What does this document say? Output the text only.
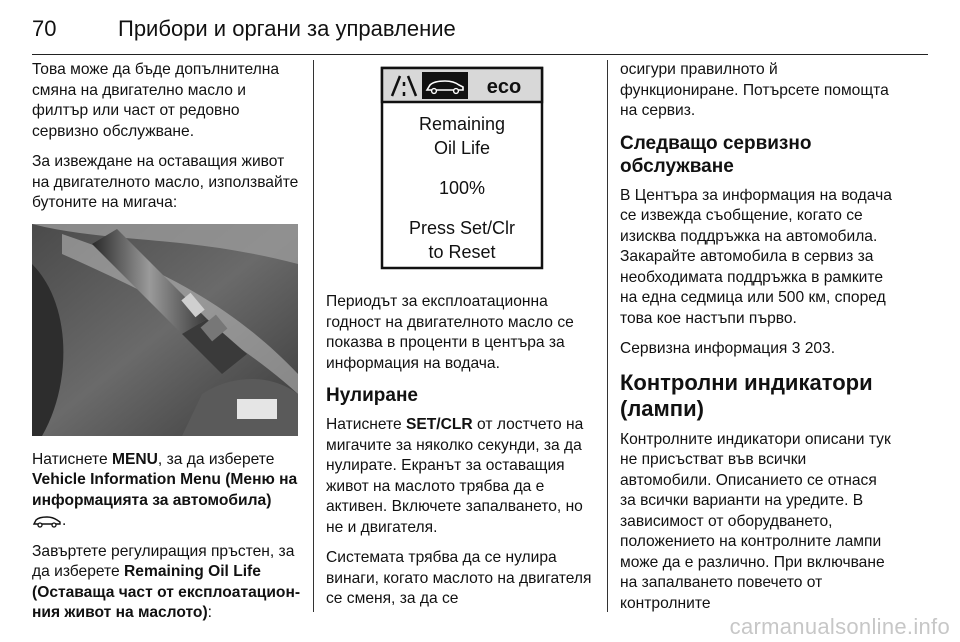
70	Прибори и органи за управление

Това може да бъде допълнителна смяна на двигателно масло и филтър или част от редовно сервизно обслужване.

За извеждане на оставащия живот на двигателното масло, използвайте бутоните на мигача:

Натиснете MENU, за да изберете Vehicle Information Menu (Меню на информацията за автомобила)
.

Завъртете регулиращия пръстен, за да изберете Remaining Oil Life (Оставаща част от експлоатационния живот на маслото):

eco
Remaining
Oil Life
100%
Press Set/Clr
to Reset

Периодът за експлоатационна годност на двигателното масло се показва в проценти в центъра за информация на водача.

Нулиране

Натиснете SET/CLR от лостчето на мигачите за няколко секунди, за да нулирате. Екранът за оставащия живот на маслото трябва да е активен. Включете запалването, но не и двигателя.

Системата трябва да се нулира винаги, когато маслото на двигателя се сменя, за да се

осигури правилното й функциониране. Потърсете помощта на сервиз.

Следващо сервизно обслужване

В Центъра за информация на водача се извежда съобщение, когато се изисква поддръжка на автомобила. Закарайте автомобила в сервиз за необходимата поддръжка в рамките на една седмица или 500 км, според това кое настъпи първо.

Сервизна информация 3 203.

Контролни индикатори (лампи)

Контролните индикатори описани тук не присъстват във всички автомобили. Описанието се отнася за всички варианти на уредите. В зависимост от оборудването, положението на контролните лампи може да е различно. При включване на запалването повечето от контролните

carmanualsonline.info
